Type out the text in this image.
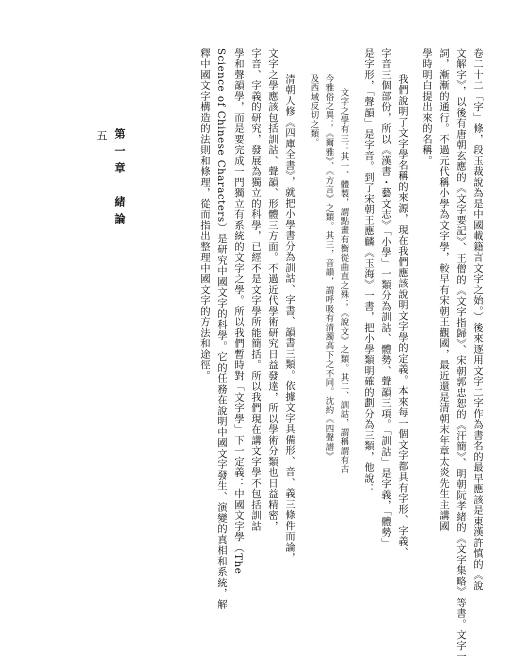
第一章　緒論
五	卷二十二「字」條，段玉裁說為是中國載籍言文字之始。）後來逐用文字二字作為書名的最早應該是東漢許慎的《說
文解字》，以後有唐朝玄應的《文字要記》、王僧的《文字指歸》、宋朝郭忠恕的《汗簡》、明朝阮孝緒的《文字集略》等書。文字一
詞，漸漸的通行。不過元代稱小學為文字學，較早有宋朝王觀國，最近還是清朝末年章太炎先生主講國
學時明白提出來的名稱。
我們說明了文字學名稱的來源，現在我們應該說明文字學的定義。本來每一個文字都具有字形、字義、
字音三個部份，所以《漢書・藝文志》「小學」一類分為訓詁、體勢、聲韻三項。「訓詁」是字義，「體勢」
是字形，「聲韻」是字音。到了宋朝王應麟《玉海》一書，把小學類明確的劃分為三類，他說：
文字之學有三：其一、體製，謂點畫有衡從曲直之殊；《說文》之類。其二、訓詁，謂稱謂有古
今雅俗之異；《爾雅》、《方言》之類。其三，音韻，謂呼吸有清濁高下之不同。沈約《四聲譜》
及西域反切之類。
清朝人修《四庫全書》，就把小學書分為訓詁、字書、韻書三類。依據文字具備形、音、義三條件而論，
文字之學應該包括訓詁、聲韻、形體三方面。不過近代學術研究日益發達，所以學術分類也日益精密，
字音、字義的研究，發展為獨立的科學，已經不是文字學所能簡括。所以我們現在講文字學不包括訓詁
學和聲韻學，而是要完成一門獨立有系統的文字之學。所以我們暫時對「文字學」下一定義：中國文字學（The
Science of Chinese Characters）是研究中國文字的科學。它的任務在說明中國文字發生、演變的真相和系統，解
釋中國文字構造的法則和條理，從而指出整理中國文字的方法和途徑。
